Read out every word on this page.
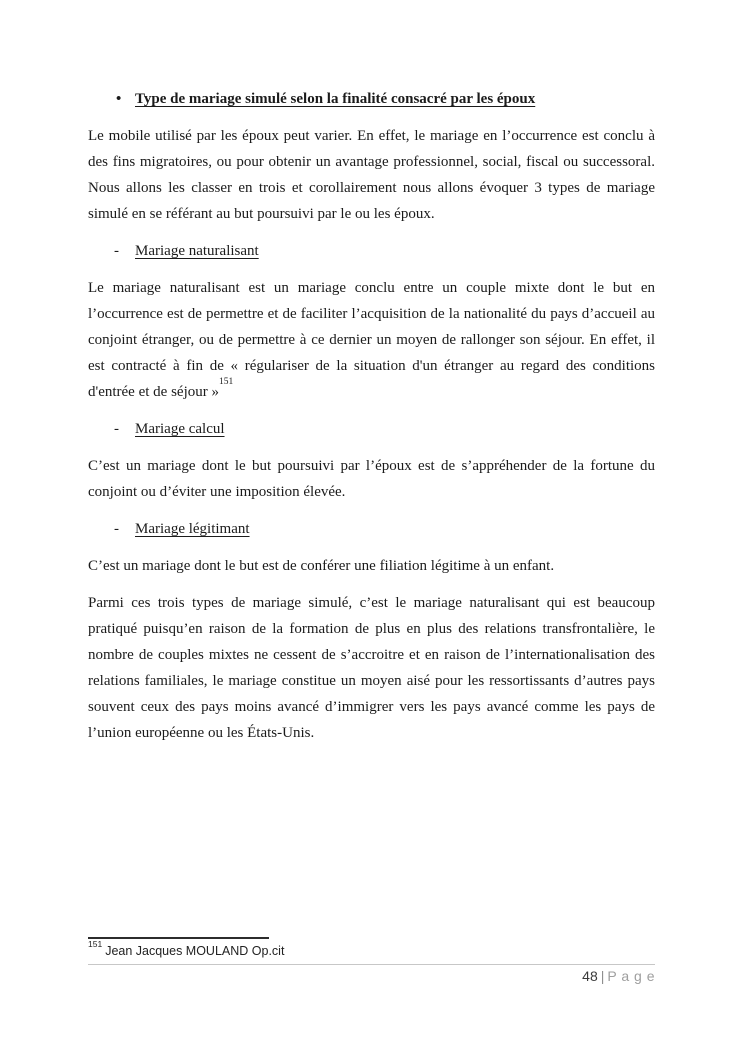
• Type de mariage simulé selon la finalité consacré par les époux

Le mobile utilisé par les époux peut varier. En effet, le mariage en l’occurrence est conclu à des fins migratoires, ou pour obtenir un avantage professionnel, social, fiscal ou successoral. Nous allons les classer en trois et corollairement nous allons évoquer 3 types de mariage simulé en se référant au but poursuivi par le ou les époux.

- Mariage naturalisant

Le mariage naturalisant est un mariage conclu entre un couple mixte dont le but en l’occurrence est de permettre et de faciliter l’acquisition de la nationalité du pays d’accueil au conjoint étranger, ou de permettre à ce dernier un moyen de rallonger son séjour. En effet, il est contracté à fin de « régulariser de la situation d'un étranger au regard des conditions d'entrée et de séjour »$^{151}$

- Mariage calcul

C’est un mariage dont le but poursuivi par l’époux est de s’appréhender de la fortune du conjoint ou d’éviter une imposition élevée.

- Mariage légitimant

C’est un mariage dont le but est de conférer une filiation légitime à un enfant.

Parmi ces trois types de mariage simulé, c’est le mariage naturalisant qui est beaucoup pratiqué puisqu’en raison de la formation de plus en plus des relations transfrontalière, le nombre de couples mixtes ne cessent de s’accroitre et en raison de l’internationalisation des relations familiales, le mariage constitue un moyen aisé pour les ressortissants d’autres pays souvent ceux des pays moins avancé d’immigrer vers les pays avancé comme les pays de l’union européenne ou les États-Unis.

$^{151}$Jean Jacques MOULAND Op.cit
48 | P a g e
